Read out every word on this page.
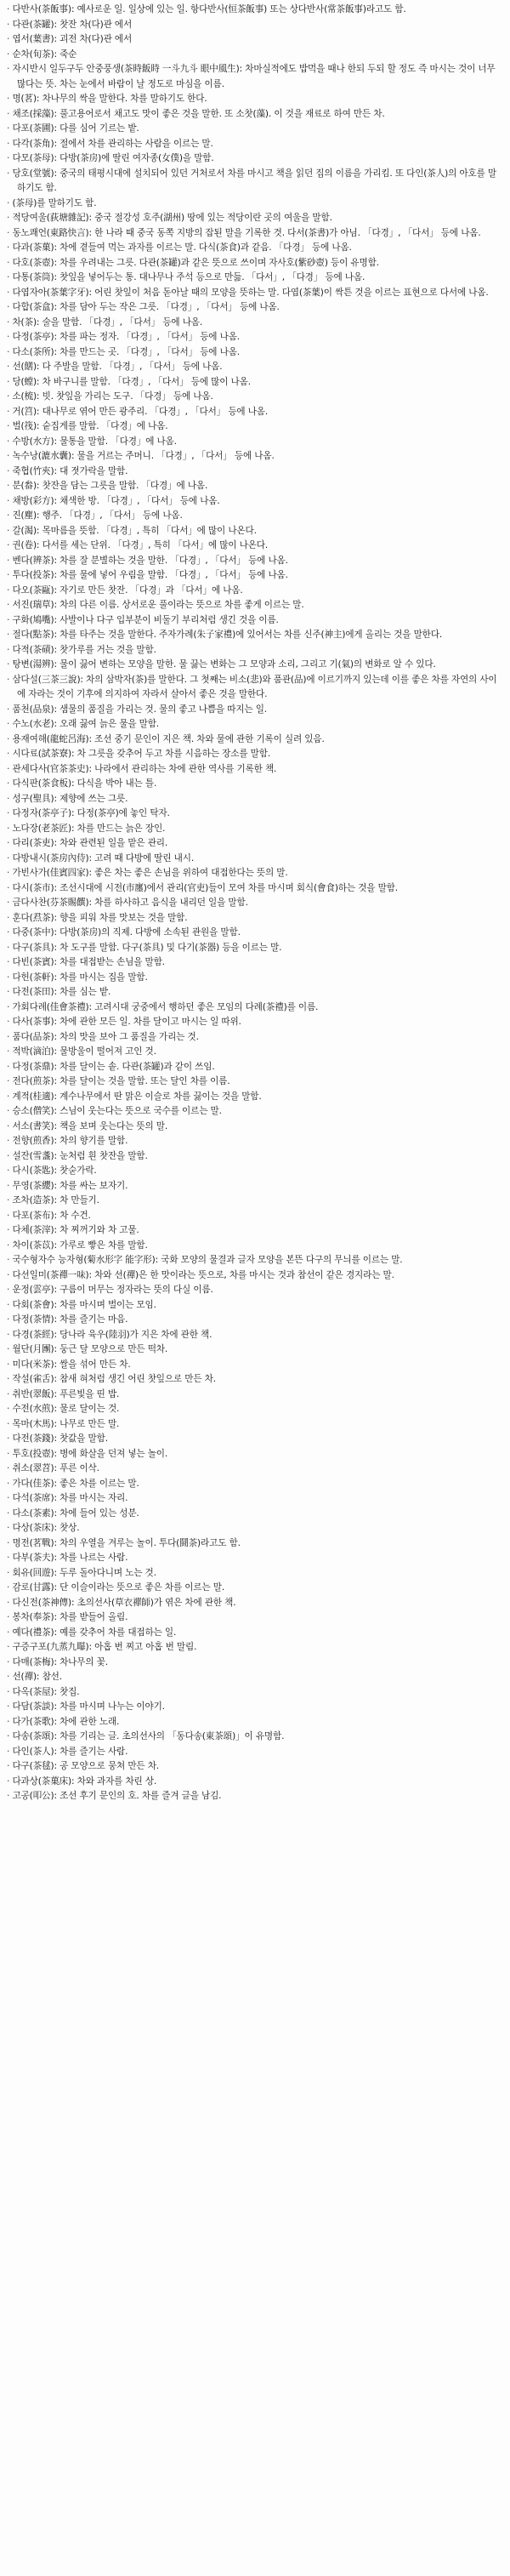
· 다반사(茶飯事): 예사로운 일. 일상에 있는 일. 항다반사(恒茶飯事) 또는 상다반사(常茶飯事)라고도 함.
· 다관(茶罐): 찻잔 차(다)관 에서
· 엽서(葉書): 괴전 차(다)관 에서
· 순차(旬茶): 죽순
· 자시반시 일두구두 안중풍생(茶時飯時 一斗九斗 眼中風生): 차마실적에도 밥먹을 때나 한되 두되 할 정도 즉 마시는 것이 너무 많다는 뜻. 차는 눈에서 바람이 날 정도로 마심을 이름.
· 명(茗): 차나무의 싹을 말한다. 차를 말하기도 한다.
· 채조(採藻): 풀고용어로서 채고도 맛이 좋은 것을 말한. 또 소찻(藻). 이 것을 재료로 하여 만든 차.
· 다포(茶圃): 다를 심어 기르는 밭.
· 다각(茶角): 절에서 차를 관리하는 사람을 이르는 말.
· 다모(茶母): 다방(茶房)에 딸린 여자종(女僕)을 말함.
· 당호(堂號): 중국의 태평시대에 설치되어 있던 거처로서 차를 마시고 책을 읽던 집의 이름을 가리킴. 또 다인(茶人)의 아호를 말하기도 함.
· (茶母)를 말하기도 함.
· 적당여울(荻塘雜記): 중국 절강성 호주(湖州) 땅에 있는 적당이란 곳의 여울을 말함.
· 동노쾌언(東路快言): 한 나라 때 중국 동쪽 지방의 잡된 말을 기록한 것. 다서(茶書)가 아님. 「다경」, 「다서」 등에 나옴.
· 다과(茶菓): 차에 곁들여 먹는 과자를 이르는 말. 다식(茶食)과 같음. 「다경」 등에 나옴.
· 다호(茶壺): 차를 우려내는 그릇. 다관(茶罐)과 같은 뜻으로 쓰이며 자사호(紫砂壺) 등이 유명함.
· 다통(茶筒): 찻잎을 넣어두는 통. 대나무나 주석 등으로 만듦. 「다서」, 「다경」 등에 나옴.
· 다엽자아(茶葉字牙): 어린 찻잎이 처음 돋아날 때의 모양을 뜻하는 말. 다엽(茶葉)이 싹튼 것을 이르는 표현으로 다서에 나옴.
· 다합(茶盒): 차를 담아 두는 작은 그릇. 「다경」, 「다서」 등에 나옴.
· 차(茶): 술을 말함. 「다경」, 「다서」 등에 나옴.
· 다정(茶亭): 차를 파는 정자. 「다경」, 「다서」 등에 나옴.
· 다소(茶所): 차를 만드는 곳. 「다경」, 「다서」 등에 나옴.
· 선(饍): 다 주발을 말함. 「다경」, 「다서」 등에 나옴.
· 당(螳): 차 바구니를 말함. 「다경」, 「다서」 등에 많이 나옴.
· 소(梳): 빗. 찻잎을 가리는 도구. 「다경」 등에 나옴.
· 거(筥): 대나무로 엮어 만든 광주리. 「다경」, 「다서」 등에 나옴.
· 벌(筏): 숱집게를 말함. 「다경」에 나옴.
· 수방(水方): 물통을 말함. 「다경」에 나옴.
· 녹수낭(漉水囊): 물을 거르는 주머니. 「다경」, 「다서」 등에 나옴.
· 죽협(竹夾): 대 젓가락을 말함.
· 분(畚): 찻잔을 담는 그릇을 말함. 「다경」에 나옴.
· 채방(彩方): 채색한 방. 「다경」, 「다서」 등에 나옴.
· 진(塵): 행주. 「다경」, 「다서」 등에 나옴.
· 갈(渴): 목마름을 뜻함. 「다경」, 특히 「다서」에 많이 나온다.
· 권(卷): 다서를 세는 단위. 「다경」, 특히 「다서」에 많이 나온다.
· 벤다(辨茶): 차를 잘 분별하는 것을 말한. 「다경」, 「다서」 등에 나옴.
· 투다(投茶): 차를 물에 넣어 우림을 말함. 「다경」, 「다서」 등에 나옴.
· 다오(茶甌): 자기로 만든 찻잔. 「다경」과 「다서」에 나옴.
· 서진(瑞草): 차의 다른 이름. 상서로운 풀이라는 뜻으로 차를 좋게 이르는 말.
· 구화(鳩嘴): 사발이나 다구 입부분이 비둘기 부리처럼 생긴 것을 이름.
· 절다(點茶): 차를 타주는 것을 말한다. 주자가례(朱子家禮)에 있어서는 차를 신주(神主)에게 올리는 것을 말한다.
· 다적(茶磧): 찻가루를 거는 것을 말함.
· 탕변(湯辨): 물이 끓어 변하는 모양을 말한. 물 끓는 변화는 그 모양과 소리, 그리고 기(氣)의 변화로 알 수 있다.
· 삼다설(三茶三說): 차의 삼박자(茶)를 말한다. 그 첫째는 비소(悲)와 품관(品)에 이르기까지 있는데 이를 좋은 차를 자연의 사이에 자라는 것이 기후에 의지하여 자라서 살아서 좋은 것을 말한다.
· 품천(品泉): 샘물의 품질을 가리는 것. 물의 좋고 나쁨을 따지는 일.
· 수노(水老): 오래 끓여 늙은 물을 말함.
· 용재여해(龍蛇呂海): 조선 중기 문인이 지은 책. 차와 물에 관한 기록이 실려 있음.
· 시다료(試茶寮): 차 그릇을 갖추어 두고 차를 시음하는 장소를 말함.
· 관세다사(官茶茶史): 나라에서 관리하는 차에 관한 역사를 기록한 책.
· 다식판(茶食板): 다식을 박아 내는 틀.
· 성구(聖具): 제향에 쓰는 그릇.
· 다정자(茶亭子): 다정(茶亭)에 놓인 탁자.
· 노다장(老茶匠): 차를 만드는 늙은 장인.
· 다리(茶吏): 차와 관련된 일을 맡은 관리.
· 다방내시(茶房內侍): 고려 때 다방에 딸린 내시.
· 가빈사가(佳賓四家): 좋은 차는 좋은 손님을 위하여 대접한다는 뜻의 말.
· 다시(茶市): 조선시대에 시전(市廛)에서 관리(官吏)들이 모여 차를 마시며 회식(會食)하는 것을 말함.
· 금다사찬(芬茶賜饌): 차를 하사하고 음식을 내리던 일을 말함.
· 훈다(焄茶): 향을 피워 차를 맛보는 것을 말함.
· 다중(茶中): 다방(茶房)의 직제. 다방에 소속된 관원을 말함.
· 다구(茶具): 차 도구를 말함. 다구(茶具) 및 다기(茶器) 등을 이르는 말.
· 다빈(茶賓): 차를 대접받는 손님을 말함.
· 다헌(茶軒): 차를 마시는 집을 말함.
· 다전(茶田): 차를 심는 밭.
· 가회다례(佳會茶禮): 고려시대 궁중에서 행하던 좋은 모임의 다례(茶禮)를 이름.
· 다사(茶事): 차에 관한 모든 일. 차를 달이고 마시는 일 따위.
· 품다(品茶): 차의 맛을 보아 그 품질을 가리는 것.
· 적박(滴泊): 물방울이 떨어져 고인 것.
· 다정(茶鼎): 차를 달이는 솥. 다관(茶罐)과 같이 쓰임.
· 전다(煎茶): 차를 달이는 것을 말함. 또는 달인 차를 이름.
· 계적(桂適): 계수나무에서 딴 맑은 이슬로 차를 끓이는 것을 말함.
· 승소(僧笑): 스님이 웃는다는 뜻으로 국수를 이르는 말.
· 서소(書笑): 책을 보며 웃는다는 뜻의 말.
· 전향(煎香): 차의 향기를 말함.
· 설잔(雪盞): 눈처럼 흰 찻잔을 말함.
· 다시(茶匙): 찻숟가락.
· 무영(茶纓): 차를 싸는 보자기.
· 조차(造茶): 차 만들기.
· 다포(茶布): 차 수건.
· 다체(茶滓): 차 찌꺼기와 차 고물.
· 차이(茶苡): 가루로 빻은 차를 말함.
· 국수형자수 능자형(菊水形字 能字形): 국화 모양의 물결과 글자 모양을 본뜬 다구의 무늬를 이르는 말.
· 다선일미(茶禪一味): 차와 선(禪)은 한 맛이라는 뜻으로, 차를 마시는 것과 참선이 같은 경지라는 말.
· 운정(雲亭): 구름이 머무는 정자라는 뜻의 다실 이름.
· 다회(茶會): 차를 마시며 벌이는 모임.
· 다정(茶情): 차를 즐기는 마음.
· 다경(茶經): 당나라 육우(陸羽)가 지은 차에 관한 책.
· 월단(月團): 둥근 달 모양으로 만든 떡차.
· 미다(米茶): 쌀을 섞어 만든 차.
· 작설(雀舌): 참새 혀처럼 생긴 어린 찻잎으로 만든 차.
· 취반(翠飯): 푸른빛을 띤 밥.
· 수전(水煎): 물로 달이는 것.
· 목마(木馬): 나무로 만든 말.
· 다전(茶錢): 찻값을 말함.
· 투호(投壺): 병에 화살을 던져 넣는 놀이.
· 취소(翠苕): 푸른 이삭.
· 가다(佳茶): 좋은 차를 이르는 말.
· 다석(茶席): 차를 마시는 자리.
· 다소(茶素): 차에 들어 있는 성분.
· 다상(茶床): 찻상.
· 명전(茗戰): 차의 우열을 겨루는 놀이. 투다(鬪茶)라고도 함.
· 다부(茶夫): 차를 나르는 사람.
· 회유(回遊): 두루 돌아다니며 노는 것.
· 감로(甘露): 단 이슬이라는 뜻으로 좋은 차를 이르는 말.
· 다신전(茶神傳): 초의선사(草衣禪師)가 엮은 차에 관한 책.
· 봉차(奉茶): 차를 받들어 올림.
· 예다(禮茶): 예를 갖추어 차를 대접하는 일.
· 구증구포(九蒸九曝): 아홉 번 찌고 아홉 번 말림.
· 다매(茶梅): 차나무의 꽃.
· 선(禪): 참선.
· 다옥(茶屋): 찻집.
· 다담(茶談): 차를 마시며 나누는 이야기.
· 다가(茶歌): 차에 관한 노래.
· 다송(茶頌): 차를 기리는 글. 초의선사의 「동다송(東茶頌)」이 유명함.
· 다인(茶人): 차를 즐기는 사람.
· 다구(茶毬): 공 모양으로 뭉쳐 만든 차.
· 다과상(茶菓床): 차와 과자를 차린 상.
· 고공(叩公): 조선 후기 문인의 호. 차를 즐겨 글을 남김.
